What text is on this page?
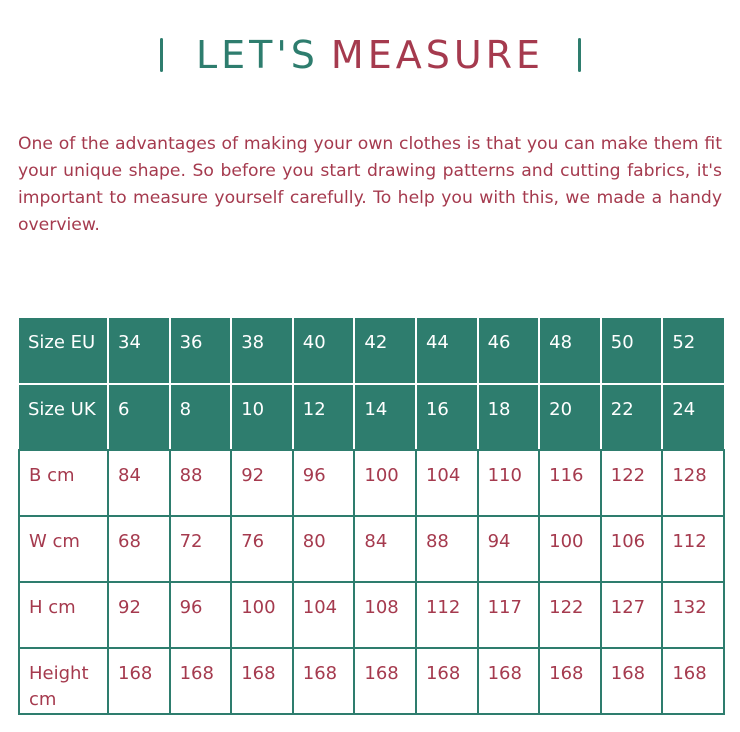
LET'S MEASURE

One of the advantages of making your own clothes is that you can make them fit your unique shape. So before you start drawing patterns and cutting fabrics, it's important to measure yourself carefully. To help you with this, we made a handy overview.

Size EU	34	36	38	40	42	44	46	48	50	52
Size UK	6	8	10	12	14	16	18	20	22	24
B cm	84	88	92	96	100	104	110	116	122	128
W cm	68	72	76	80	84	88	94	100	106	112
H cm	92	96	100	104	108	112	117	122	127	132
Height cm	168	168	168	168	168	168	168	168	168	168
